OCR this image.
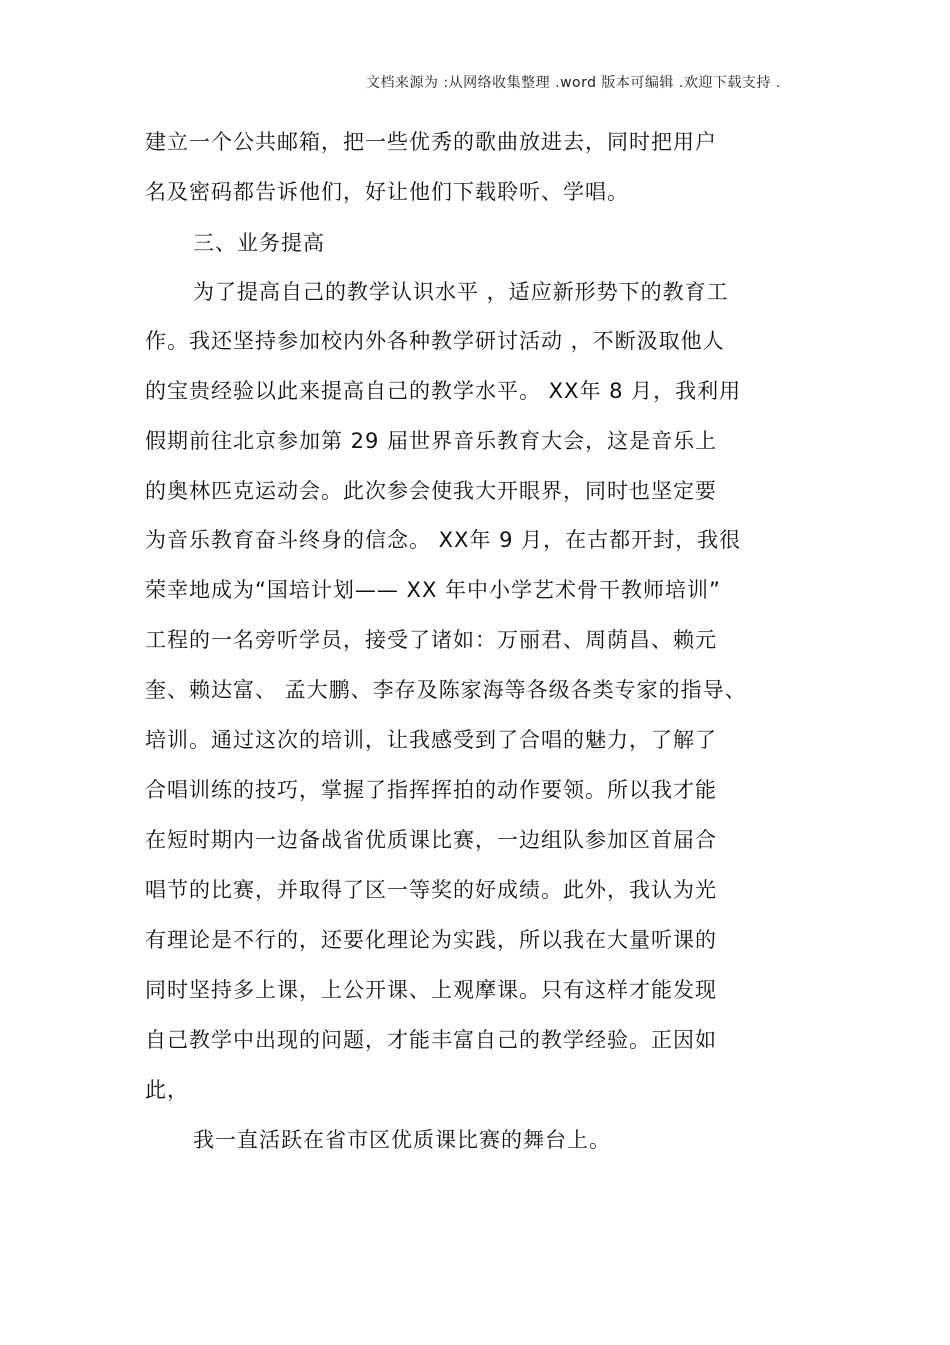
文档来源为 :从网络收集整理 .word 版本可编辑 .欢迎下载支持 .
建立一个公共邮箱，把一些优秀的歌曲放进去，同时把用户
名及密码都告诉他们，好让他们下载聆听、学唱。
三、业务提高
为了提高自己的教学认识水平 ，适应新形势下的教育工
作。我还坚持参加校内外各种教学研讨活动 ，不断汲取他人
的宝贵经验以此来提高自己的教学水平。 XX年 8 月，我利用
假期前往北京参加第 29 届世界音乐教育大会，这是音乐上
的奥林匹克运动会。此次参会使我大开眼界，同时也坚定要
为音乐教育奋斗终身的信念。 XX年 9 月，在古都开封，我很
荣幸地成为“国培计划—— XX 年中小学艺术骨干教师培训”
工程的一名旁听学员，接受了诸如：万丽君、周荫昌、赖元
奎、赖达富、 孟大鹏、李存及陈家海等各级各类专家的指导、
培训。通过这次的培训，让我感受到了合唱的魅力，了解了
合唱训练的技巧，掌握了指挥挥拍的动作要领。所以我才能
在短时期内一边备战省优质课比赛，一边组队参加区首届合
唱节的比赛，并取得了区一等奖的好成绩。此外，我认为光
有理论是不行的，还要化理论为实践，所以我在大量听课的
同时坚持多上课，上公开课、上观摩课。只有这样才能发现
自己教学中出现的问题，才能丰富自己的教学经验。正因如
此，
我一直活跃在省市区优质课比赛的舞台上。
